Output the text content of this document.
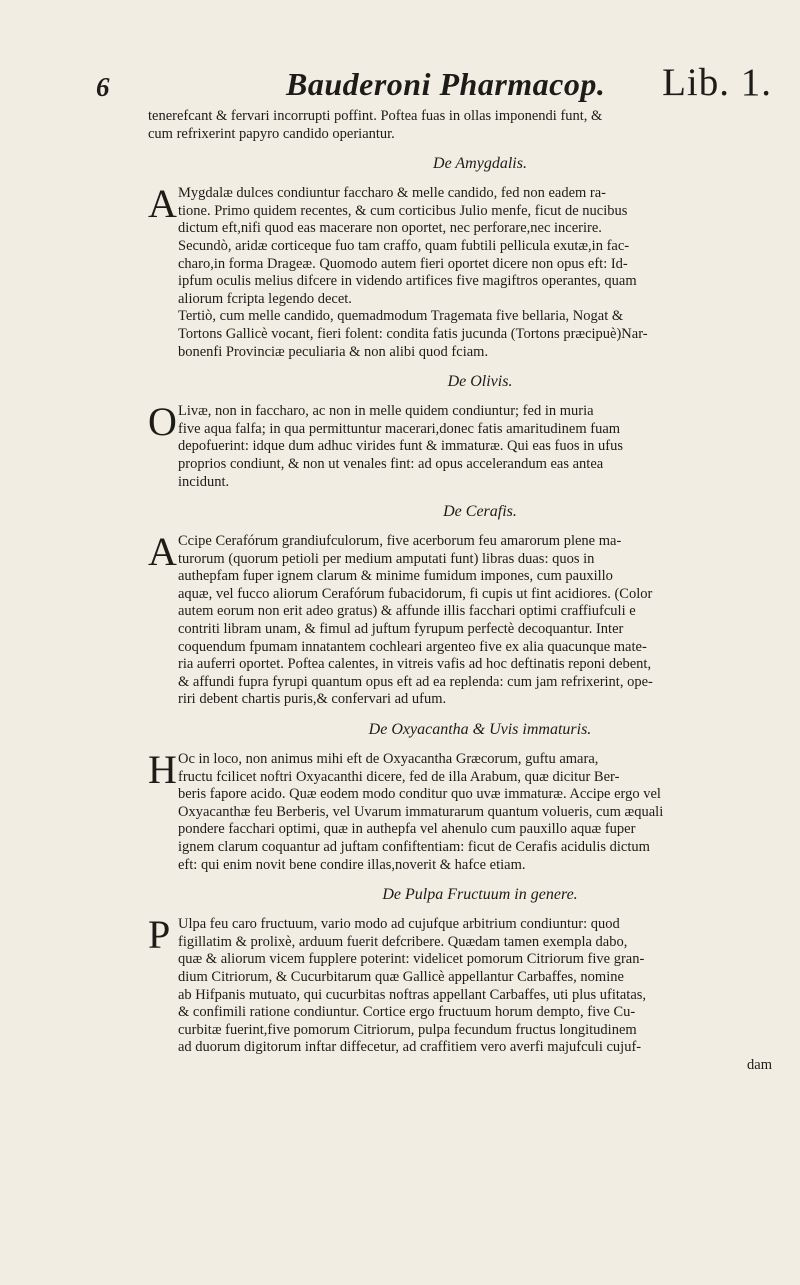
6	Bauderoni Pharmacop. Lib. 1.
tenerefcant & fervari incorrupti poffint. Poftea fuas in ollas imponendi funt, &
cum refrixerint papyro candido operiantur.
De Amygdalis.
A Mygdalæ dulces condiuntur faccharo & melle candido, fed non eadem ra-
tione. Primo quidem recentes, & cum corticibus Julio menfe, ficut de nucibus
dictum eft,nifi quod eas macerare non oportet, nec perforare,nec incerire.
Secundò, aridæ corticeque fuo tam craffo, quam fubtili pellicula exutæ,in fac-
charo,in forma Drageæ. Quomodo autem fieri oportet dicere non opus eft: Id-
ipfum oculis melius difcere in videndo artifices five magiftros operantes, quam
aliorum fcripta legendo decet.
Tertiò, cum melle candido, quemadmodum Tragemata five bellaria, Nogat &
Tortons Gallicè vocant, fieri folent: condita fatis jucunda (Tortons præcipuè)Nar-
bonenfi Provinciæ peculiaria & non alibi quod fciam.
De Olivis.
O Livæ, non in faccharo, ac non in melle quidem condiuntur; fed in muria
five aqua falfa; in qua permittuntur macerari,donec fatis amaritudinem fuam
depofuerint: idque dum adhuc virides funt & immaturæ. Qui eas fuos in ufus
proprios condiunt, & non ut venales fint: ad opus accelerandum eas antea
incidunt.
De Cerafis.
A Ccipe Cerafórum grandiufculorum, five acerborum feu amarorum plene ma-
turorum (quorum petioli per medium amputati funt) libras duas: quos in
authepfam fuper ignem clarum & minime fumidum impones, cum pauxillo
aquæ, vel fucco aliorum Cerafórum fubacidorum, fi cupis ut fint acidiores. (Color
autem eorum non erit adeo gratus) & affunde illis facchari optimi craffiufculi e
contriti libram unam, & fimul ad juftum fyrupum perfectè decoquantur. Inter
coquendum fpumam innatantem cochleari argenteo five ex alia quacunque mate-
ria auferri oportet. Poftea calentes, in vitreis vafis ad hoc deftinatis reponi debent,
& affundi fupra fyrupi quantum opus eft ad ea replenda: cum jam refrixerint, ope-
riri debent chartis puris,& confervari ad ufum.
De Oxyacantha & Uvis immaturis.
H Oc in loco, non animus mihi eft de Oxyacantha Græcorum, guftu amara,
fructu fcilicet noftri Oxyacanthi dicere, fed de illa Arabum, quæ dicitur Ber-
beris fapore acido. Quæ eodem modo conditur quo uvæ immaturæ. Accipe ergo vel
Oxyacanthæ feu Berberis, vel Uvarum immaturarum quantum volueris, cum æquali
pondere facchari optimi, quæ in authepfa vel ahenulo cum pauxillo aquæ fuper
ignem clarum coquantur ad juftam confiftentiam: ficut de Cerafis acidulis dictum
eft: qui enim novit bene condire illas,noverit & hafce etiam.
De Pulpa Fructuum in genere.
P Ulpa feu caro fructuum, vario modo ad cujufque arbitrium condiuntur: quod
figillatim & prolixè, arduum fuerit defcribere. Quædam tamen exempla dabo,
quæ & aliorum vicem fupplere poterint: videlicet pomorum Citriorum five gran-
dium Citriorum, & Cucurbitarum quæ Gallicè appellantur Carbaffes, nomine
ab Hifpanis mutuato, qui cucurbitas noftras appellant Carbaffes, uti plus ufitatas,
& confimili ratione condiuntur. Cortice ergo fructuum horum dempto, five Cu-
curbitæ fuerint,five pomorum Citriorum, pulpa fecundum fructus longitudinem
ad duorum digitorum inftar diffecetur, ad craffitiem vero averfi majufculi cujuf-
dam
